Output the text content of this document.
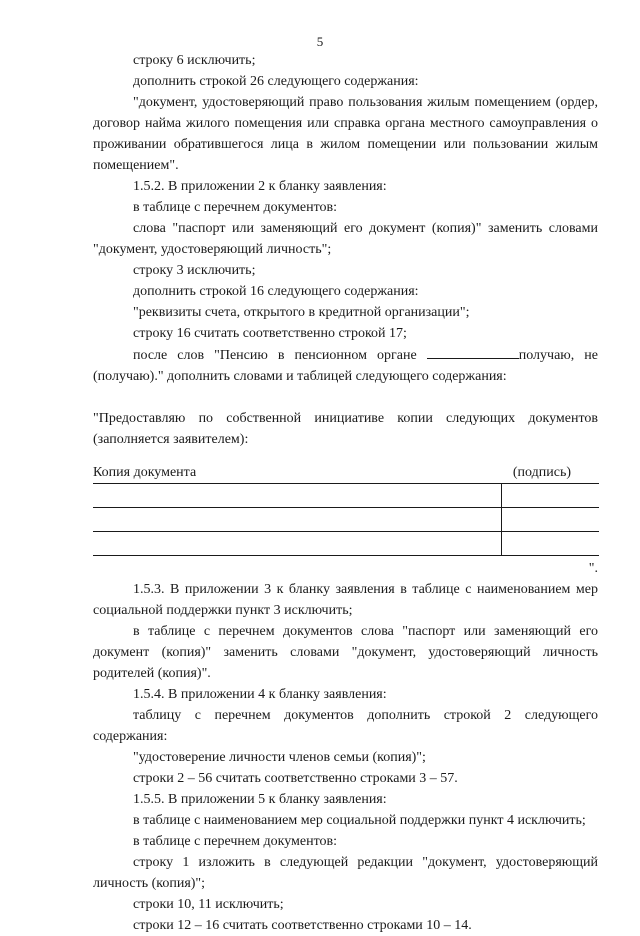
5

строку 6 исключить;

дополнить строкой 26 следующего содержания:

"документ, удостоверяющий право пользования жилым помещением (ордер, договор найма жилого помещения или справка органа местного самоуправления о проживании обратившегося лица в жилом помещении или пользовании жилым помещением".

1.5.2. В приложении 2 к бланку заявления:

в таблице с перечнем документов:

слова "паспорт или заменяющий его документ (копия)" заменить словами "документ, удостоверяющий личность";

строку 3 исключить;

дополнить строкой 16 следующего содержания:

"реквизиты счета, открытого в кредитной организации";

строку 16 считать соответственно строкой 17;

после слов "Пенсию в пенсионном органе	получаю, не (получаю)." дополнить словами и таблицей следующего содержания:

"Предоставляю по собственной инициативе копии следующих документов (заполняется заявителем):

Копия документа	(подпись)

".

1.5.3. В приложении 3 к бланку заявления в таблице с наименованием мер социальной поддержки пункт 3 исключить;

в таблице с перечнем документов слова "паспорт или заменяющий его документ (копия)" заменить словами "документ, удостоверяющий личность родителей (копия)".

1.5.4. В приложении 4 к бланку заявления:

таблицу с перечнем документов дополнить строкой 2 следующего содержания:

"удостоверение личности членов семьи (копия)";

строки 2 – 56 считать соответственно строками 3 – 57.

1.5.5. В приложении 5 к бланку заявления:

в таблице с наименованием мер социальной поддержки пункт 4 исключить;

в таблице с перечнем документов:

строку 1 изложить в следующей редакции "документ, удостоверяющий личность (копия)";

строки 10, 11 исключить;

строки 12 – 16 считать соответственно строками 10 – 14.
